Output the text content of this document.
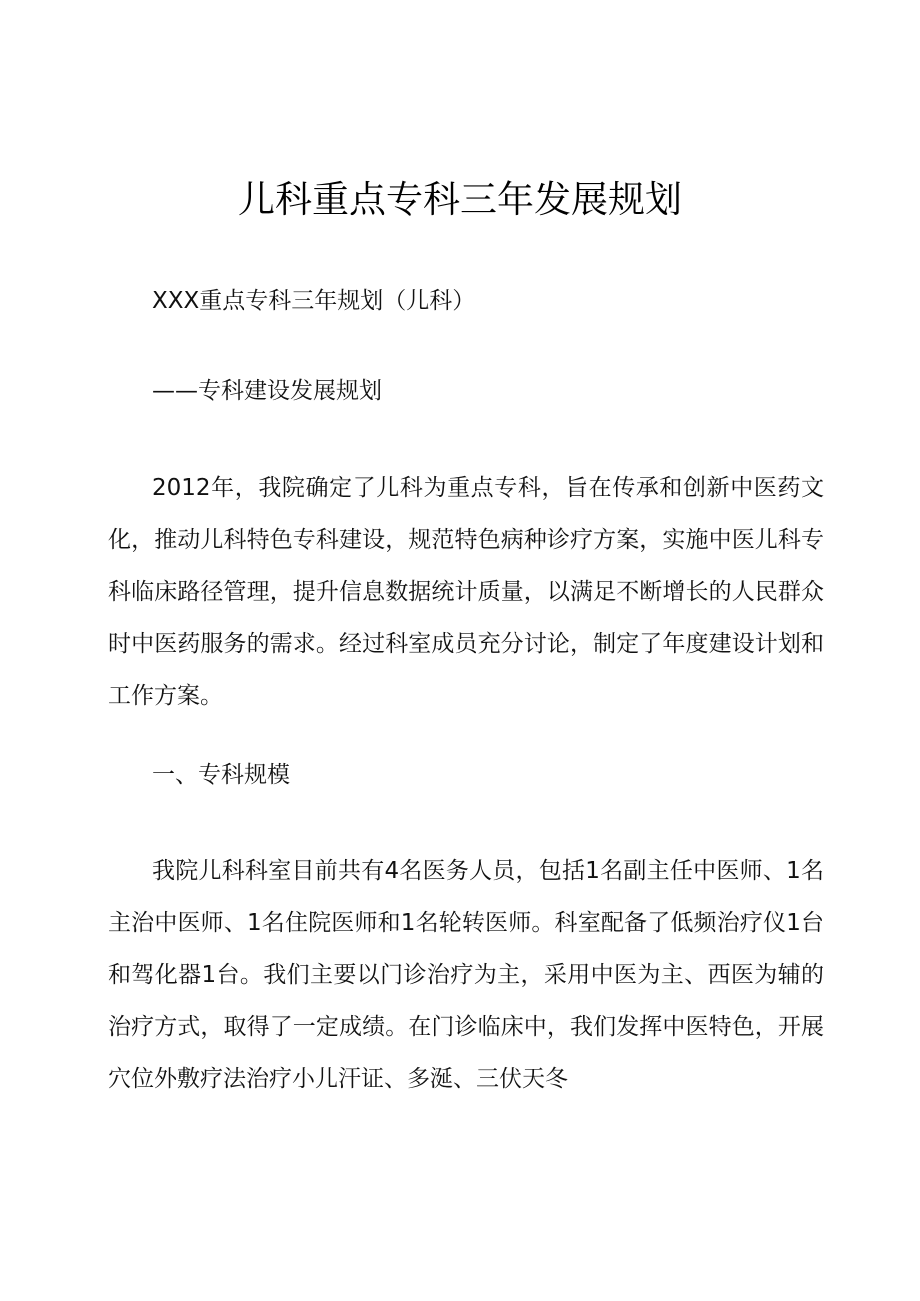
儿科重点专科三年发展规划
XXX重点专科三年规划（儿科）
——专科建设发展规划

2012年，我院确定了儿科为重点专科，旨在传承和创新中医药文化，推动儿科特色专科建设，规范特色病种诊疗方案，实施中医儿科专科临床路径管理，提升信息数据统计质量，以满足不断增长的人民群众时中医药服务的需求。经过科室成员充分讨论，制定了年度建设计划和工作方案。

一、专科规模

我院儿科科室目前共有4名医务人员，包括1名副主任中医师、1名主治中医师、1名住院医师和1名轮转医师。科室配备了低频治疗仪1台和驾化器1台。我们主要以门诊治疗为主，采用中医为主、西医为辅的治疗方式，取得了一定成绩。在门诊临床中，我们发挥中医特色，开展穴位外敷疗法治疗小儿汗证、多涎、三伏天冬
